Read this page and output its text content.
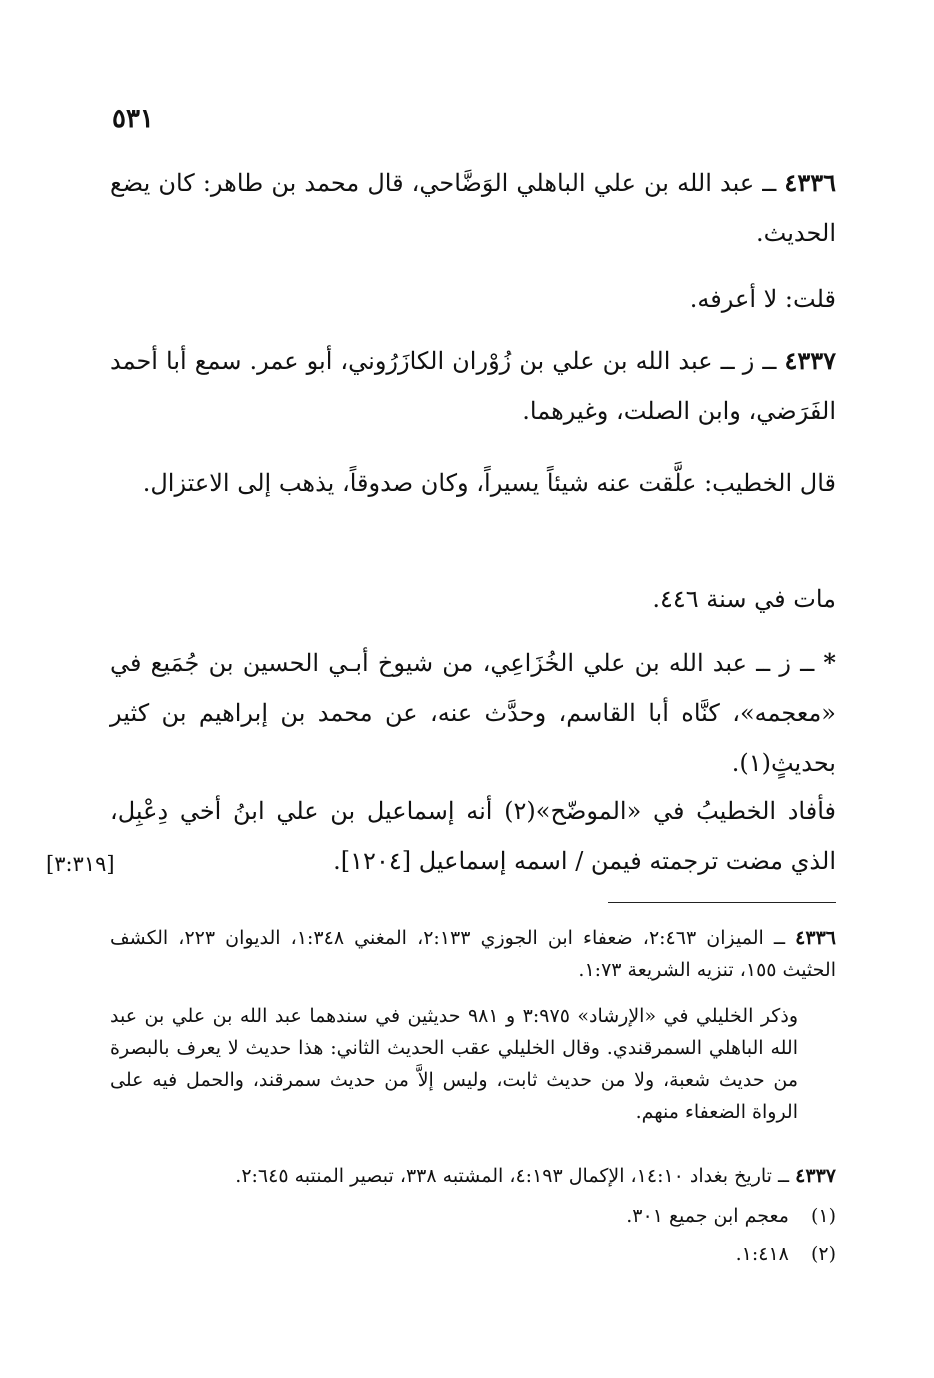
٥٣١
٤٣٣٦ ــ عبد الله بن علي الباهلي الوَضَّاحي، قال محمد بن طاهر: كان يضع الحديث.
قلت: لا أعرفه.
٤٣٣٧ ــ ز ــ عبد الله بن علي بن زُوْران الكازَرُوني، أبو عمر. سمع أبا أحمد الفَرَضي، وابن الصلت، وغيرهما.
قال الخطيب: علَّقت عنه شيئاً يسيراً، وكان صدوقاً، يذهب إلى الاعتزال.
مات في سنة ٤٤٦.
* ــ ز ــ عبد الله بن علي الخُزَاعِي، من شيوخ أبـي الحسين بن جُمَيع في «معجمه»، كنَّاه أبا القاسم، وحدَّث عنه، عن محمد بن إبراهيم بن كثير بحديثٍ(١).
فأفاد الخطيبُ في «الموضّح»(٢) أنه إسماعيل بن علي ابنُ أخي دِعْبِل، الذي مضت ترجمته فيمن / اسمه إسماعيل [١٢٠٤].
[٣:٣١٩]
٤٣٣٦ ــ الميزان ٢:٤٦٣، ضعفاء ابن الجوزي ٢:١٣٣، المغني ١:٣٤٨، الديوان ٢٢٣، الكشف الحثيث ١٥٥، تنزيه الشريعة ١:٧٣.
وذكر الخليلي في «الإرشاد» ٣:٩٧٥ و ٩٨١ حديثين في سندهما عبد الله بن علي بن عبد الله الباهلي السمرقندي. وقال الخليلي عقب الحديث الثاني: هذا حديث لا يعرف بالبصرة من حديث شعبة، ولا من حديث ثابت، وليس إلاَّ من حديث سمرقند، والحمل فيه على الرواة الضعفاء منهم.
٤٣٣٧ ــ تاريخ بغداد ١٤:١٠، الإكمال ٤:١٩٣، المشتبه ٣٣٨، تبصير المنتبه ٢:٦٤٥.
(١) معجم ابن جميع ٣٠١.
(٢) ١:٤١٨.
